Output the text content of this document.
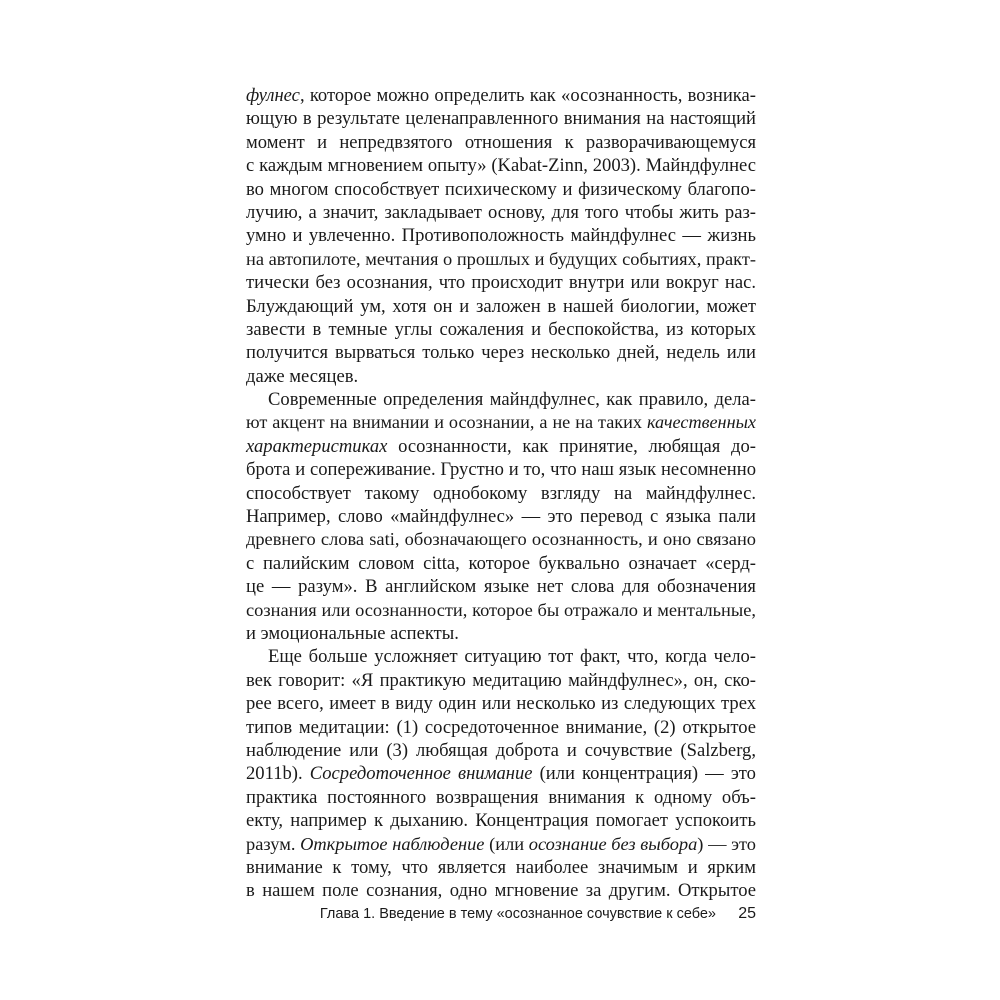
фулнес, которое можно определить как «осознанность, возника-
ющую в результате целенаправленного внимания на настоящий
момент и непредвзятого отношения к разворачивающемуся
с каждым мгновением опыту» (Kabat-Zinn, 2003). Майндфулнес
во многом способствует психическому и физическому благопо-
лучию, а значит, закладывает основу, для того чтобы жить раз-
умно и увлеченно. Противоположность майндфулнес — жизнь
на автопилоте, мечтания о прошлых и будущих событиях, практ-
тически без осознания, что происходит внутри или вокруг нас.
Блуждающий ум, хотя он и заложен в нашей биологии, может
завести в темные углы сожаления и беспокойства, из которых
получится вырваться только через несколько дней, недель или
даже месяцев.
Современные определения майндфулнес, как правило, дела-
ют акцент на внимании и осознании, а не на таких качественных
характеристиках осознанности, как принятие, любящая до-
брота и сопереживание. Грустно и то, что наш язык несомненно
способствует такому однобокому взгляду на майндфулнес.
Например, слово «майндфулнес» — это перевод с языка пали
древнего слова sati, обозначающего осознанность, и оно связано
с палийским словом citta, которое буквально означает «серд-
це — разум». В английском языке нет слова для обозначения
сознания или осознанности, которое бы отражало и ментальные,
и эмоциональные аспекты.
Еще больше усложняет ситуацию тот факт, что, когда чело-
век говорит: «Я практикую медитацию майндфулнес», он, ско-
рее всего, имеет в виду один или несколько из следующих трех
типов медитации: (1) сосредоточенное внимание, (2) открытое
наблюдение или (3) любящая доброта и сочувствие (Salzberg,
2011b). Сосредоточенное внимание (или концентрация) — это
практика постоянного возвращения внимания к одному объ-
екту, например к дыханию. Концентрация помогает успокоить
разум. Открытое наблюдение (или осознание без выбора) — это
внимание к тому, что является наиболее значимым и ярким
в нашем поле сознания, одно мгновение за другим. Открытое
Глава 1. Введение в тему «осознанное сочувствие к себе» 25
